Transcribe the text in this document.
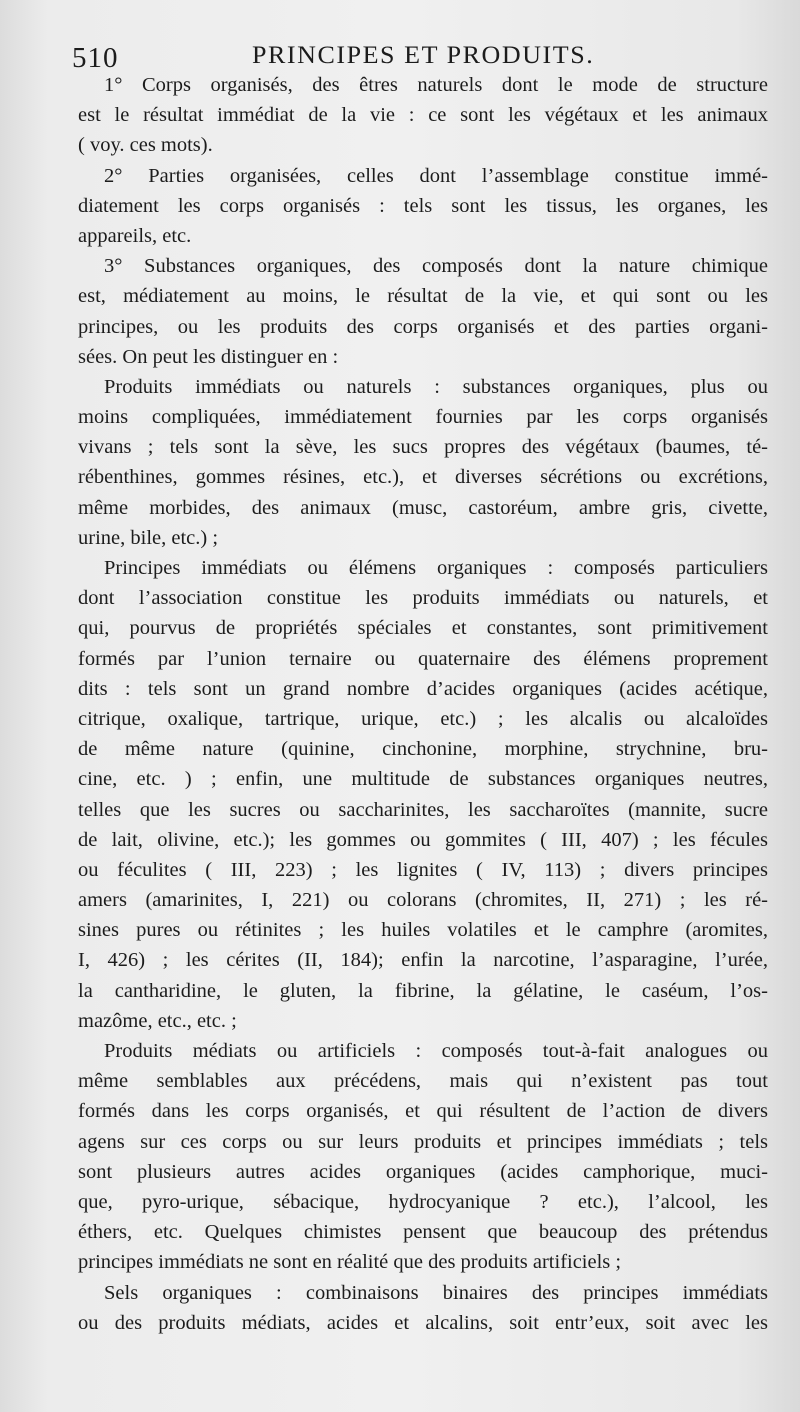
510	PRINCIPES ET PRODUITS.
1° Corps organisés, des êtres naturels dont le mode de structure
est le résultat immédiat de la vie : ce sont les végétaux et les animaux
( voy. ces mots).
2° Parties organisées, celles dont l’assemblage constitue immé-
diatement les corps organisés : tels sont les tissus, les organes, les
appareils, etc.
3° Substances organiques, des composés dont la nature chimique
est, médiatement au moins, le résultat de la vie, et qui sont ou les
principes, ou les produits des corps organisés et des parties organi-
sées. On peut les distinguer en :
Produits immédiats ou naturels : substances organiques, plus ou
moins compliquées, immédiatement fournies par les corps organisés
vivans ; tels sont la sève, les sucs propres des végétaux (baumes, té-
rébenthines, gommes résines, etc.), et diverses sécrétions ou excrétions,
même morbides, des animaux (musc, castoréum, ambre gris, civette,
urine, bile, etc.) ;
Principes immédiats ou élémens organiques : composés particuliers
dont l’association constitue les produits immédiats ou naturels, et
qui, pourvus de propriétés spéciales et constantes, sont primitivement
formés par l’union ternaire ou quaternaire des élémens proprement
dits : tels sont un grand nombre d’acides organiques (acides acétique,
citrique, oxalique, tartrique, urique, etc.) ; les alcalis ou alcaloïdes
de même nature (quinine, cinchonine, morphine, strychnine, bru-
cine, etc. ) ; enfin, une multitude de substances organiques neutres,
telles que les sucres ou saccharinites, les saccharoïtes (mannite, sucre
de lait, olivine, etc.); les gommes ou gommites ( III, 407) ; les fécules
ou féculites ( III, 223) ; les lignites ( IV, 113) ; divers principes
amers (amarinites, I, 221) ou colorans (chromites, II, 271) ; les ré-
sines pures ou rétinites ; les huiles volatiles et le camphre (aromites,
I, 426) ; les cérites (II, 184); enfin la narcotine, l’asparagine, l’urée,
la cantharidine, le gluten, la fibrine, la gélatine, le caséum, l’os-
mazôme, etc., etc. ;
Produits médiats ou artificiels : composés tout-à-fait analogues ou
même semblables aux précédens, mais qui n’existent pas tout
formés dans les corps organisés, et qui résultent de l’action de divers
agens sur ces corps ou sur leurs produits et principes immédiats ; tels
sont plusieurs autres acides organiques (acides camphorique, muci-
que, pyro-urique, sébacique, hydrocyanique ? etc.), l’alcool, les
éthers, etc. Quelques chimistes pensent que beaucoup des prétendus
principes immédiats ne sont en réalité que des produits artificiels ;
Sels organiques : combinaisons binaires des principes immédiats
ou des produits médiats, acides et alcalins, soit entr’eux, soit avec les
